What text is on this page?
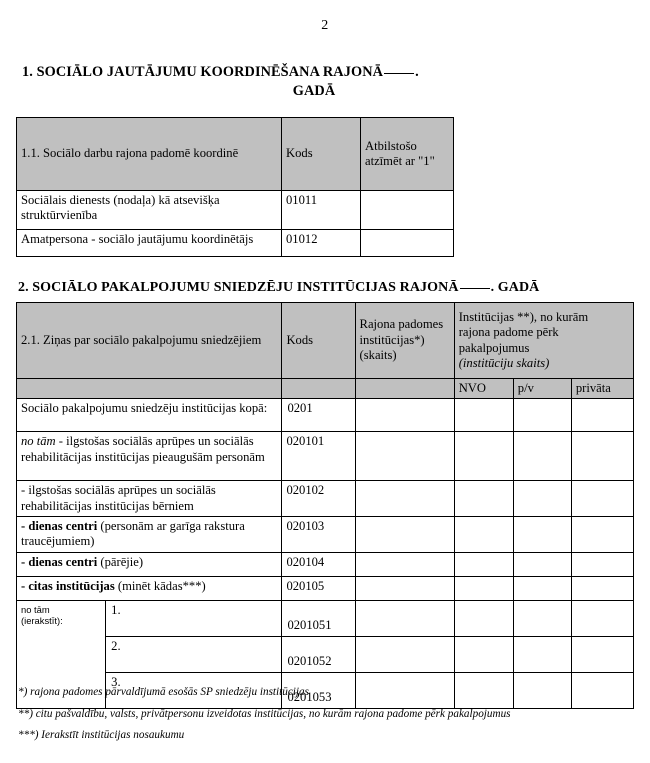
2
1. SOCIĀLO JAUTĀJUMU KOORDINĒŠANA RAJONĀ .
GADĀ
1.1. Sociālo darbu rajona padomē koordinē	Kods	Atbilstošo atzīmēt ar "1"
Sociālais dienests (nodaļa) kā atsevišķa struktūrvienība	01011	
Amatpersona - sociālo jautājumu koordinētājs	01012	
2. SOCIĀLO PAKALPOJUMU SNIEDZĒJU INSTITŪCIJAS RAJONĀ . GADĀ
2.1. Ziņas par sociālo pakalpojumu sniedzējiem		Kods	Rajona padomes institūcijas*) (skaits)	Institūcijas **), no kurām
rajona padome pērk
pakalpojumus
(institūciju skaits)		
				NVO	p/v	privāta
Sociālo pakalpojumu sniedzēju institūcijas kopā:		0201				
no tām - ilgstošas sociālās aprūpes un sociālās rehabilitācijas institūcijas pieaugušām personām		020101				
- ilgstošas sociālās aprūpes un sociālās rehabilitācijas institūcijas bērniem		020102				
- dienas centri (personām ar garīga rakstura traucējumiem)		020103				
- dienas centri (pārējie)		020104				
- citas institūcijas (minēt kādas***)		020105				
no tām
(ierakstīt):	1.	0201051				
	2.	0201052				
	3.	0201053				

*) rajona padomes pārvaldījumā esošās SP sniedzēju institūcijas

**) citu pašvaldību, valsts, privātpersonu izveidotas institūcijas, no kurām rajona padome pērk pakalpojumus

***) Ierakstīt institūcijas nosaukumu
